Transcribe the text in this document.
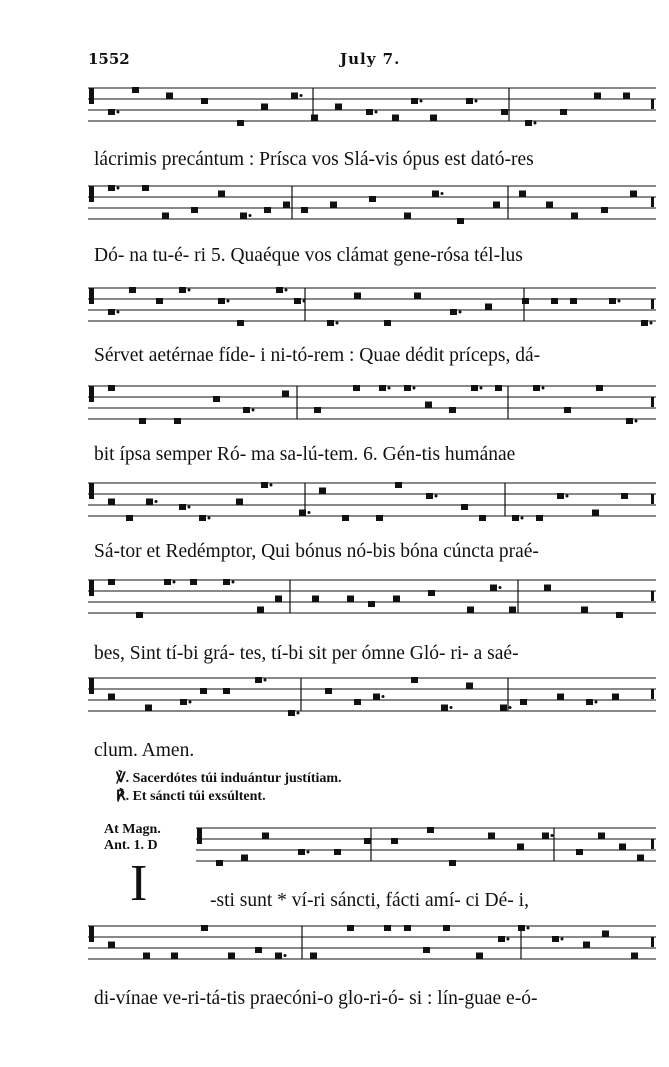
1552	July 7.
lácrimis precántum : Prísca vos Slá-vis ópus est dató-res
Dó- na tu-é- ri 5. Quaéque vos clámat gene-rósa tél-lus
Sérvet aetérnae fíde- i ni-tó-rem : Quae dédit príceps, dá-
bit ípsa semper Ró- ma sa-lú-tem. 6. Gén-tis humánae
Sá-tor et Redémptor, Qui bónus nó-bis bóna cúncta praé-
bes, Sint tí-bi grá- tes, tí-bi sit per ómne Gló- ri- a saé-
clum. Amen.
℣. Sacerdótes túi induántur justítiam.
℟. Et sáncti túi exsúltent.
At Magn.
Ant. 1. D
I	-sti sunt * ví-ri sáncti, fácti amí- ci Dé- i,
di-vínae ve-ri-tá-tis praecóni-o glo-ri-ó- si : lín-guae e-ó-
